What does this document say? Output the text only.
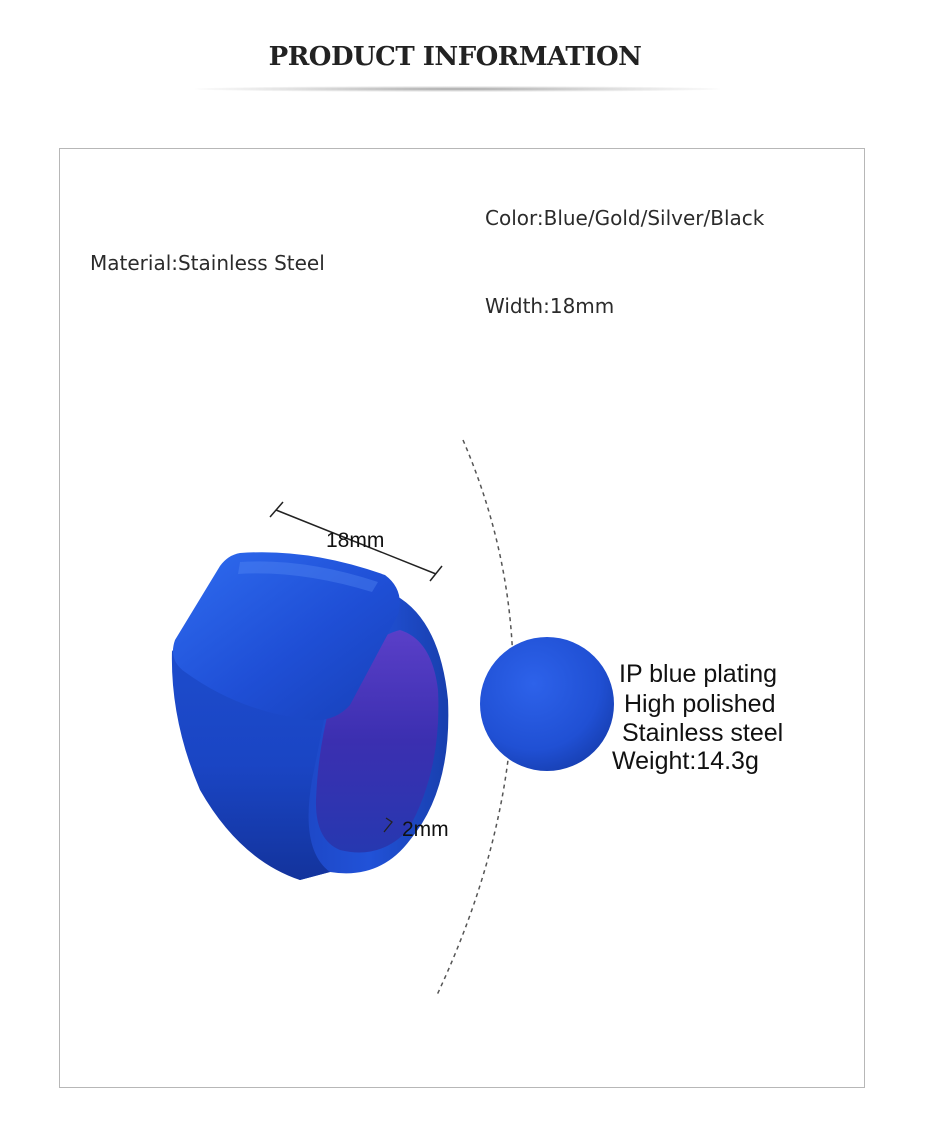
PRODUCT INFORMATION
Color:Blue/Gold/Silver/Black
Material:Stainless Steel
Width:18mm
18mm
2mm
IP blue plating
High polished
Stainless steel
Weight:14.3g
